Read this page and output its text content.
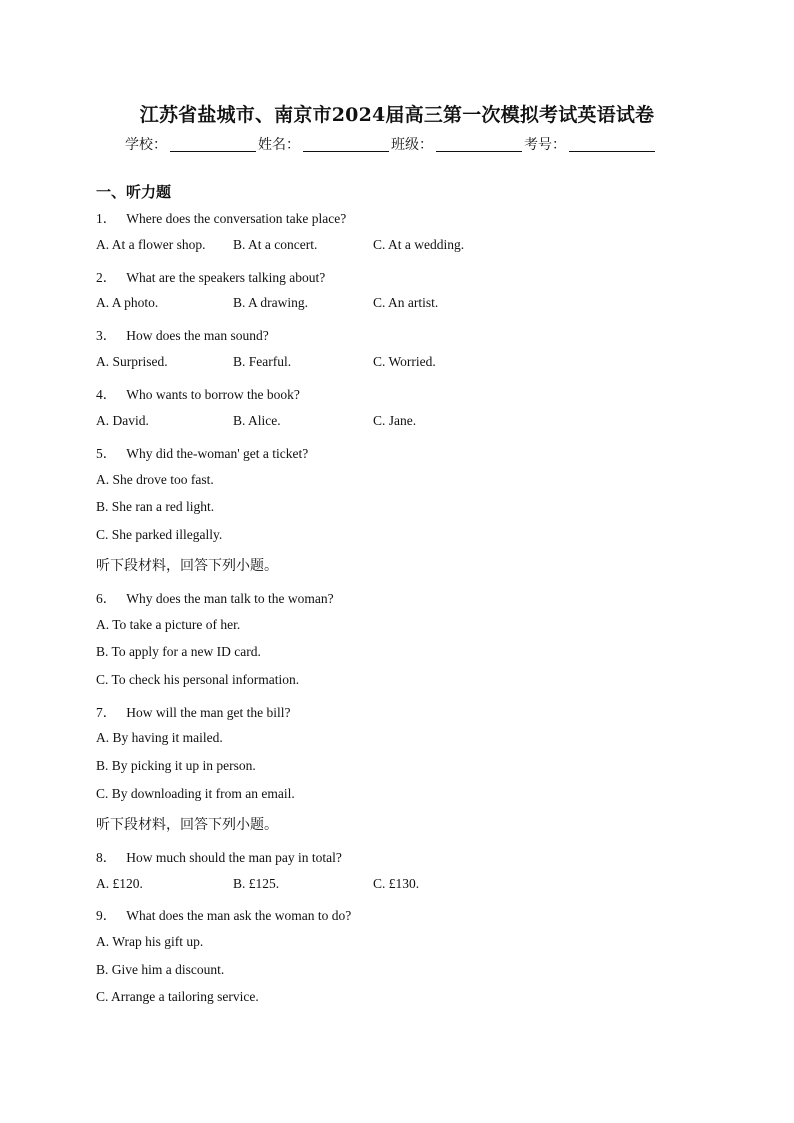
江苏省盐城市、南京市2024届高三第一次模拟考试英语试卷
学校：	姓名：	班级：	考号：
一、听力题
1． Where does the conversation take place?
A. At a flower shop.	B. At a concert.	C. At a wedding.
2． What are the speakers talking about?
A. A photo.	B. A drawing.	C. An artist.
3． How does the man sound?
A. Surprised.	B. Fearful.	C. Worried.
4． Who wants to borrow the book?
A. David.	B. Alice.	C. Jane.
5． Why did the-woman' get a ticket?
A. She drove too fast.
B. She ran a red light.
C. She parked illegally.
听下段材料，回答下列小题。
6． Why does the man talk to the woman?
A. To take a picture of her.
B. To apply for a new ID card.
C. To check his personal information.
7． How will the man get the bill?
A. By having it mailed.
B. By picking it up in person.
C. By downloading it from an email.
听下段材料，回答下列小题。
8． How much should the man pay in total?
A. £120.	B. £125.	C. £130.
9． What does the man ask the woman to do?
A. Wrap his gift up.
B. Give him a discount.
C. Arrange a tailoring service.
